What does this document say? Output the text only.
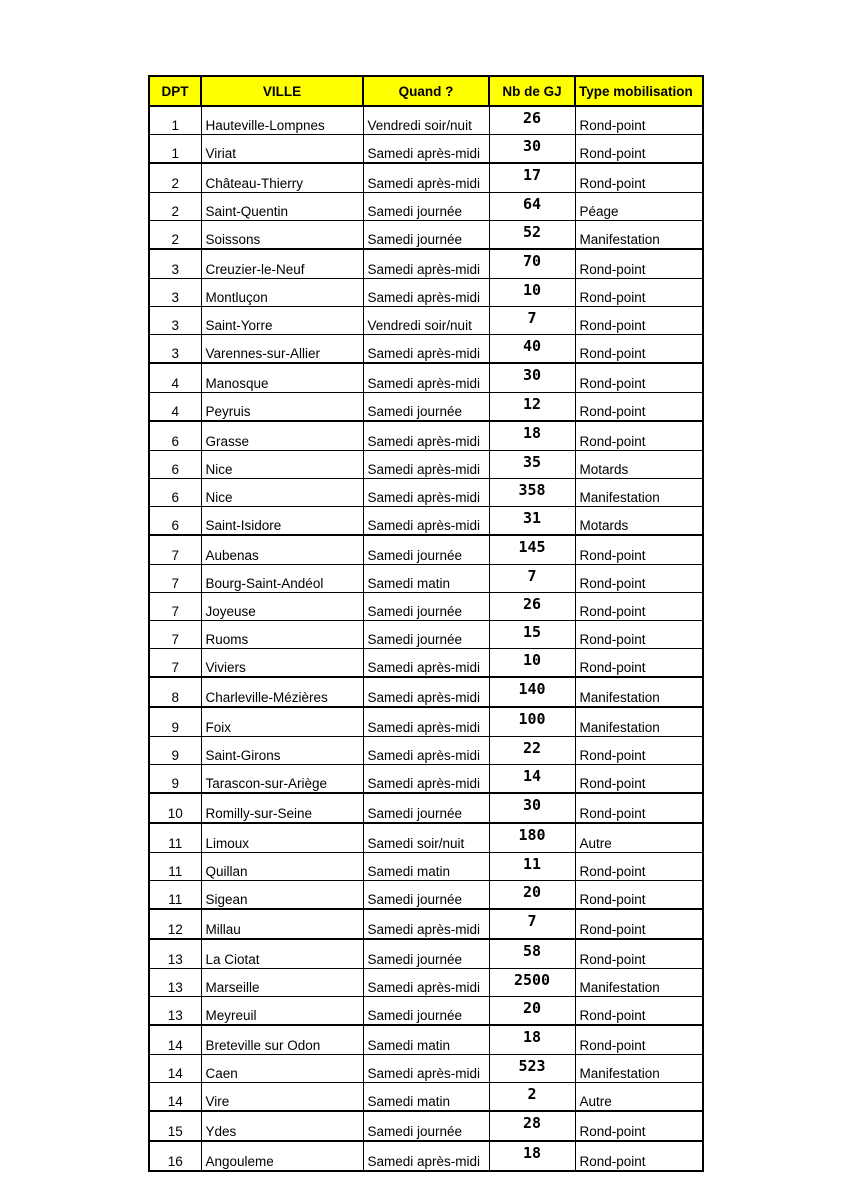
DPT	VILLE	Quand ?	Nb de GJ	Type mobilisation
1	Hauteville-Lompnes	Vendredi soir/nuit	26	Rond-point
1	Viriat	Samedi après-midi	30	Rond-point
2	Château-Thierry	Samedi après-midi	17	Rond-point
2	Saint-Quentin	Samedi journée	64	Péage
2	Soissons	Samedi journée	52	Manifestation
3	Creuzier-le-Neuf	Samedi après-midi	70	Rond-point
3	Montluçon	Samedi après-midi	10	Rond-point
3	Saint-Yorre	Vendredi soir/nuit	7	Rond-point
3	Varennes-sur-Allier	Samedi après-midi	40	Rond-point
4	Manosque	Samedi après-midi	30	Rond-point
4	Peyruis	Samedi journée	12	Rond-point
6	Grasse	Samedi après-midi	18	Rond-point
6	Nice	Samedi après-midi	35	Motards
6	Nice	Samedi après-midi	358	Manifestation
6	Saint-Isidore	Samedi après-midi	31	Motards
7	Aubenas	Samedi journée	145	Rond-point
7	Bourg-Saint-Andéol	Samedi matin	7	Rond-point
7	Joyeuse	Samedi journée	26	Rond-point
7	Ruoms	Samedi journée	15	Rond-point
7	Viviers	Samedi après-midi	10	Rond-point
8	Charleville-Mézières	Samedi après-midi	140	Manifestation
9	Foix	Samedi après-midi	100	Manifestation
9	Saint-Girons	Samedi après-midi	22	Rond-point
9	Tarascon-sur-Ariège	Samedi après-midi	14	Rond-point
10	Romilly-sur-Seine	Samedi journée	30	Rond-point
11	Limoux	Samedi soir/nuit	180	Autre
11	Quillan	Samedi matin	11	Rond-point
11	Sigean	Samedi journée	20	Rond-point
12	Millau	Samedi après-midi	7	Rond-point
13	La Ciotat	Samedi journée	58	Rond-point
13	Marseille	Samedi après-midi	2500	Manifestation
13	Meyreuil	Samedi journée	20	Rond-point
14	Breteville sur Odon	Samedi matin	18	Rond-point
14	Caen	Samedi après-midi	523	Manifestation
14	Vire	Samedi matin	2	Autre
15	Ydes	Samedi journée	28	Rond-point
16	Angouleme	Samedi après-midi	18	Rond-point
